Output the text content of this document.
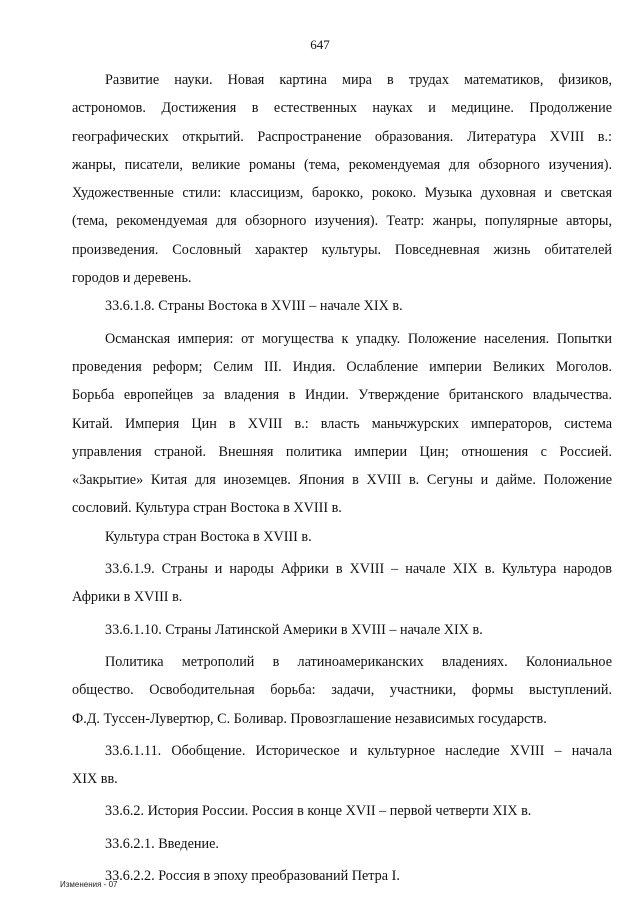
647
Развитие науки. Новая картина мира в трудах математиков, физиков,
астрономов. Достижения в естественных науках и медицине. Продолжение
географических открытий. Распространение образования. Литература XVIII в.:
жанры, писатели, великие романы (тема, рекомендуемая для обзорного изучения).
Художественные стили: классицизм, барокко, рококо. Музыка духовная и светская
(тема, рекомендуемая для обзорного изучения). Театр: жанры, популярные авторы,
произведения. Сословный характер культуры. Повседневная жизнь обитателей
городов и деревень.
33.6.1.8. Страны Востока в XVIII – начале XIX в.
Османская империя: от могущества к упадку. Положение населения. Попытки
проведения реформ; Селим III. Индия. Ослабление империи Великих Моголов.
Борьба европейцев за владения в Индии. Утверждение британского владычества.
Китай. Империя Цин в XVIII в.: власть маньчжурских императоров, система
управления страной. Внешняя политика империи Цин; отношения с Россией.
«Закрытие» Китая для иноземцев. Япония в XVIII в. Сегуны и дайме. Положение
сословий. Культура стран Востока в XVIII в.
Культура стран Востока в XVIII в.
33.6.1.9. Страны и народы Африки в XVIII – начале XIX в. Культура народов
Африки в XVIII в.
33.6.1.10. Страны Латинской Америки в XVIII – начале XIX в.
Политика метрополий в латиноамериканских владениях. Колониальное
общество. Освободительная борьба: задачи, участники, формы выступлений.
Ф.Д. Туссен-Лувертюр, С. Боливар. Провозглашение независимых государств.
33.6.1.11. Обобщение. Историческое и культурное наследие XVIII – начала
XIX вв.
33.6.2. История России. Россия в конце XVII – первой четверти XIX в.
33.6.2.1. Введение.
33.6.2.2. Россия в эпоху преобразований Петра I.
Изменения - 07
